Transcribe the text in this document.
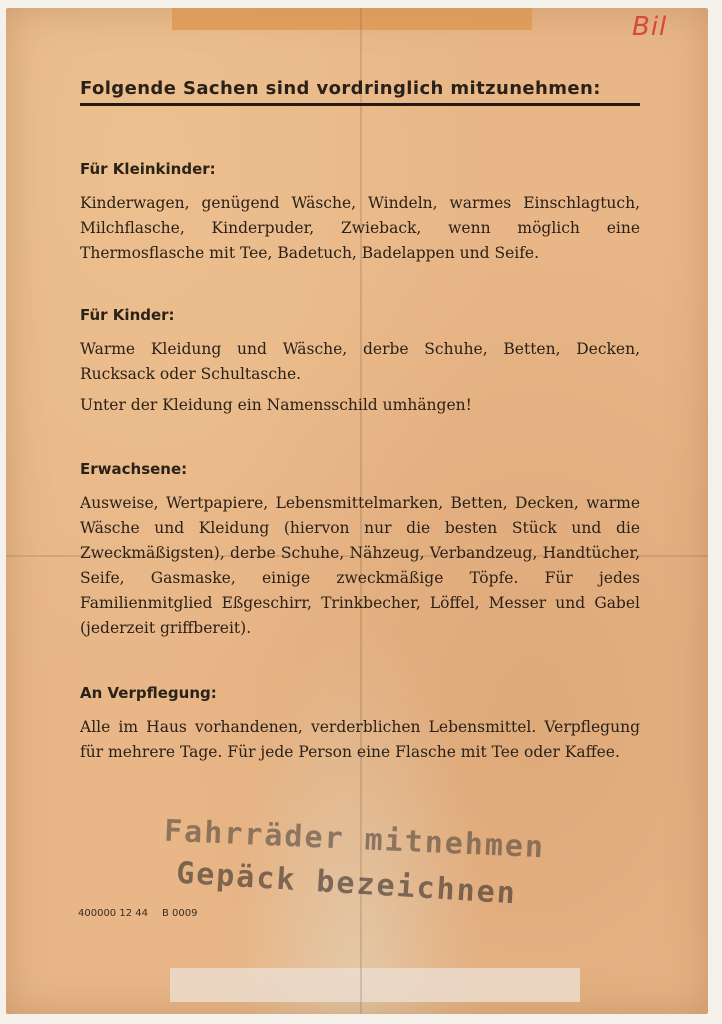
Bil
Folgende Sachen sind vordringlich mitzunehmen:
Für Kleinkinder:

Kinderwagen, genügend Wäsche, Windeln, warmes Einschlagtuch, Milchflasche, Kinderpuder, Zwieback, wenn möglich eine Thermosflasche mit Tee, Badetuch, Badelappen und Seife.

Für Kinder:

Warme Kleidung und Wäsche, derbe Schuhe, Betten, Decken, Rucksack oder Schultasche.

Unter der Kleidung ein Namensschild umhängen!

Erwachsene:

Ausweise, Wertpapiere, Lebensmittelmarken, Betten, Decken, warme Wäsche und Kleidung (hiervon nur die besten Stück und die Zweckmäßigsten), derbe Schuhe, Nähzeug, Verbandzeug, Handtücher, Seife, Gasmaske, einige zweckmäßige Töpfe. Für jedes Familienmitglied Eßgeschirr, Trinkbecher, Löffel, Messer und Gabel (jederzeit griffbereit).

An Verpflegung:

Alle im Haus vorhandenen, verderblichen Lebensmittel. Verpflegung für mehrere Tage. Für jede Person eine Flasche mit Tee oder Kaffee.

Fahrräder mitnehmen
Gepäck bezeichnen
400000 12 44 B 0009
